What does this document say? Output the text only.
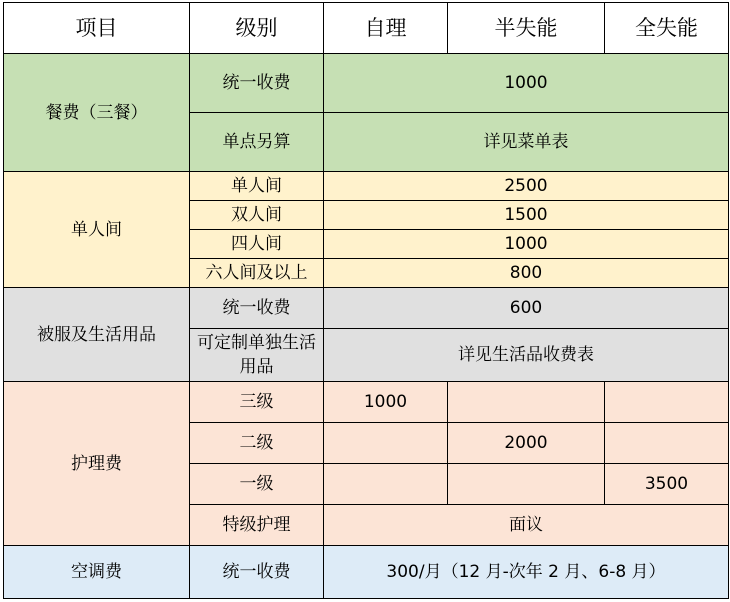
项目	级别	自理	半失能	全失能
餐费（三餐）	统一收费	1000		
	单点另算	详见菜单表		
单人间	单人间	2500		
	双人间	1500		
	四人间	1000		
	六人间及以上	800		
被服及生活用品	统一收费	600		
	可定制单独生活用品	详见生活品收费表		
护理费	三级	1000		
	二级		2000	
	一级			3500
	特级护理	面议		
空调费	统一收费	300/月（12 月-次年 2 月、6-8 月）		
